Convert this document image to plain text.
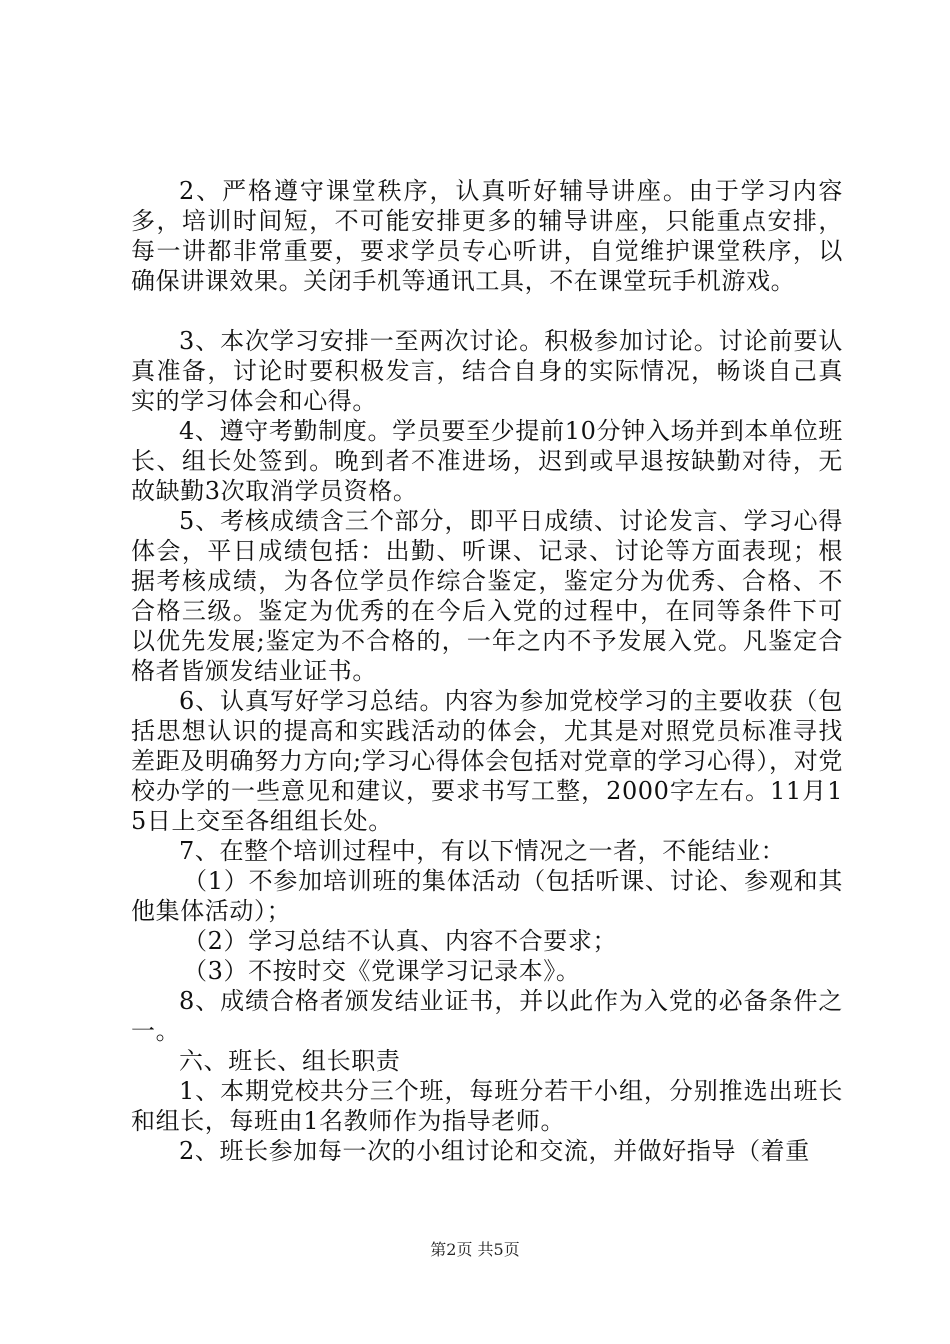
2、严格遵守课堂秩序，认真听好辅导讲座。由于学习内容多，培训时间短，不可能安排更多的辅导讲座，只能重点安排，每一讲都非常重要，要求学员专心听讲，自觉维护课堂秩序，以确保讲课效果。关闭手机等通讯工具，不在课堂玩手机游戏。

3、本次学习安排一至两次讨论。积极参加讨论。讨论前要认真准备，讨论时要积极发言，结合自身的实际情况，畅谈自己真实的学习体会和心得。

4、遵守考勤制度。学员要至少提前10分钟入场并到本单位班长、组长处签到。晚到者不准进场，迟到或早退按缺勤对待，无故缺勤3次取消学员资格。

5、考核成绩含三个部分，即平日成绩、讨论发言、学习心得体会，平日成绩包括：出勤、听课、记录、讨论等方面表现；根据考核成绩，为各位学员作综合鉴定，鉴定分为优秀、合格、不合格三级。鉴定为优秀的在今后入党的过程中，在同等条件下可以优先发展;鉴定为不合格的，一年之内不予发展入党。凡鉴定合格者皆颁发结业证书。

6、认真写好学习总结。内容为参加党校学习的主要收获（包括思想认识的提高和实践活动的体会，尤其是对照党员标准寻找差距及明确努力方向;学习心得体会包括对党章的学习心得），对党校办学的一些意见和建议，要求书写工整，2000字左右。11月15日上交至各组组长处。

7、在整个培训过程中，有以下情况之一者，不能结业：

（1）不参加培训班的集体活动（包括听课、讨论、参观和其他集体活动）；

（2）学习总结不认真、内容不合要求；

（3）不按时交《党课学习记录本》。

8、成绩合格者颁发结业证书，并以此作为入党的必备条件之一。

六、班长、组长职责

1、本期党校共分三个班，每班分若干小组，分别推选出班长和组长，每班由1名教师作为指导老师。

2、班长参加每一次的小组讨论和交流，并做好指导（着重

第2页 共5页
